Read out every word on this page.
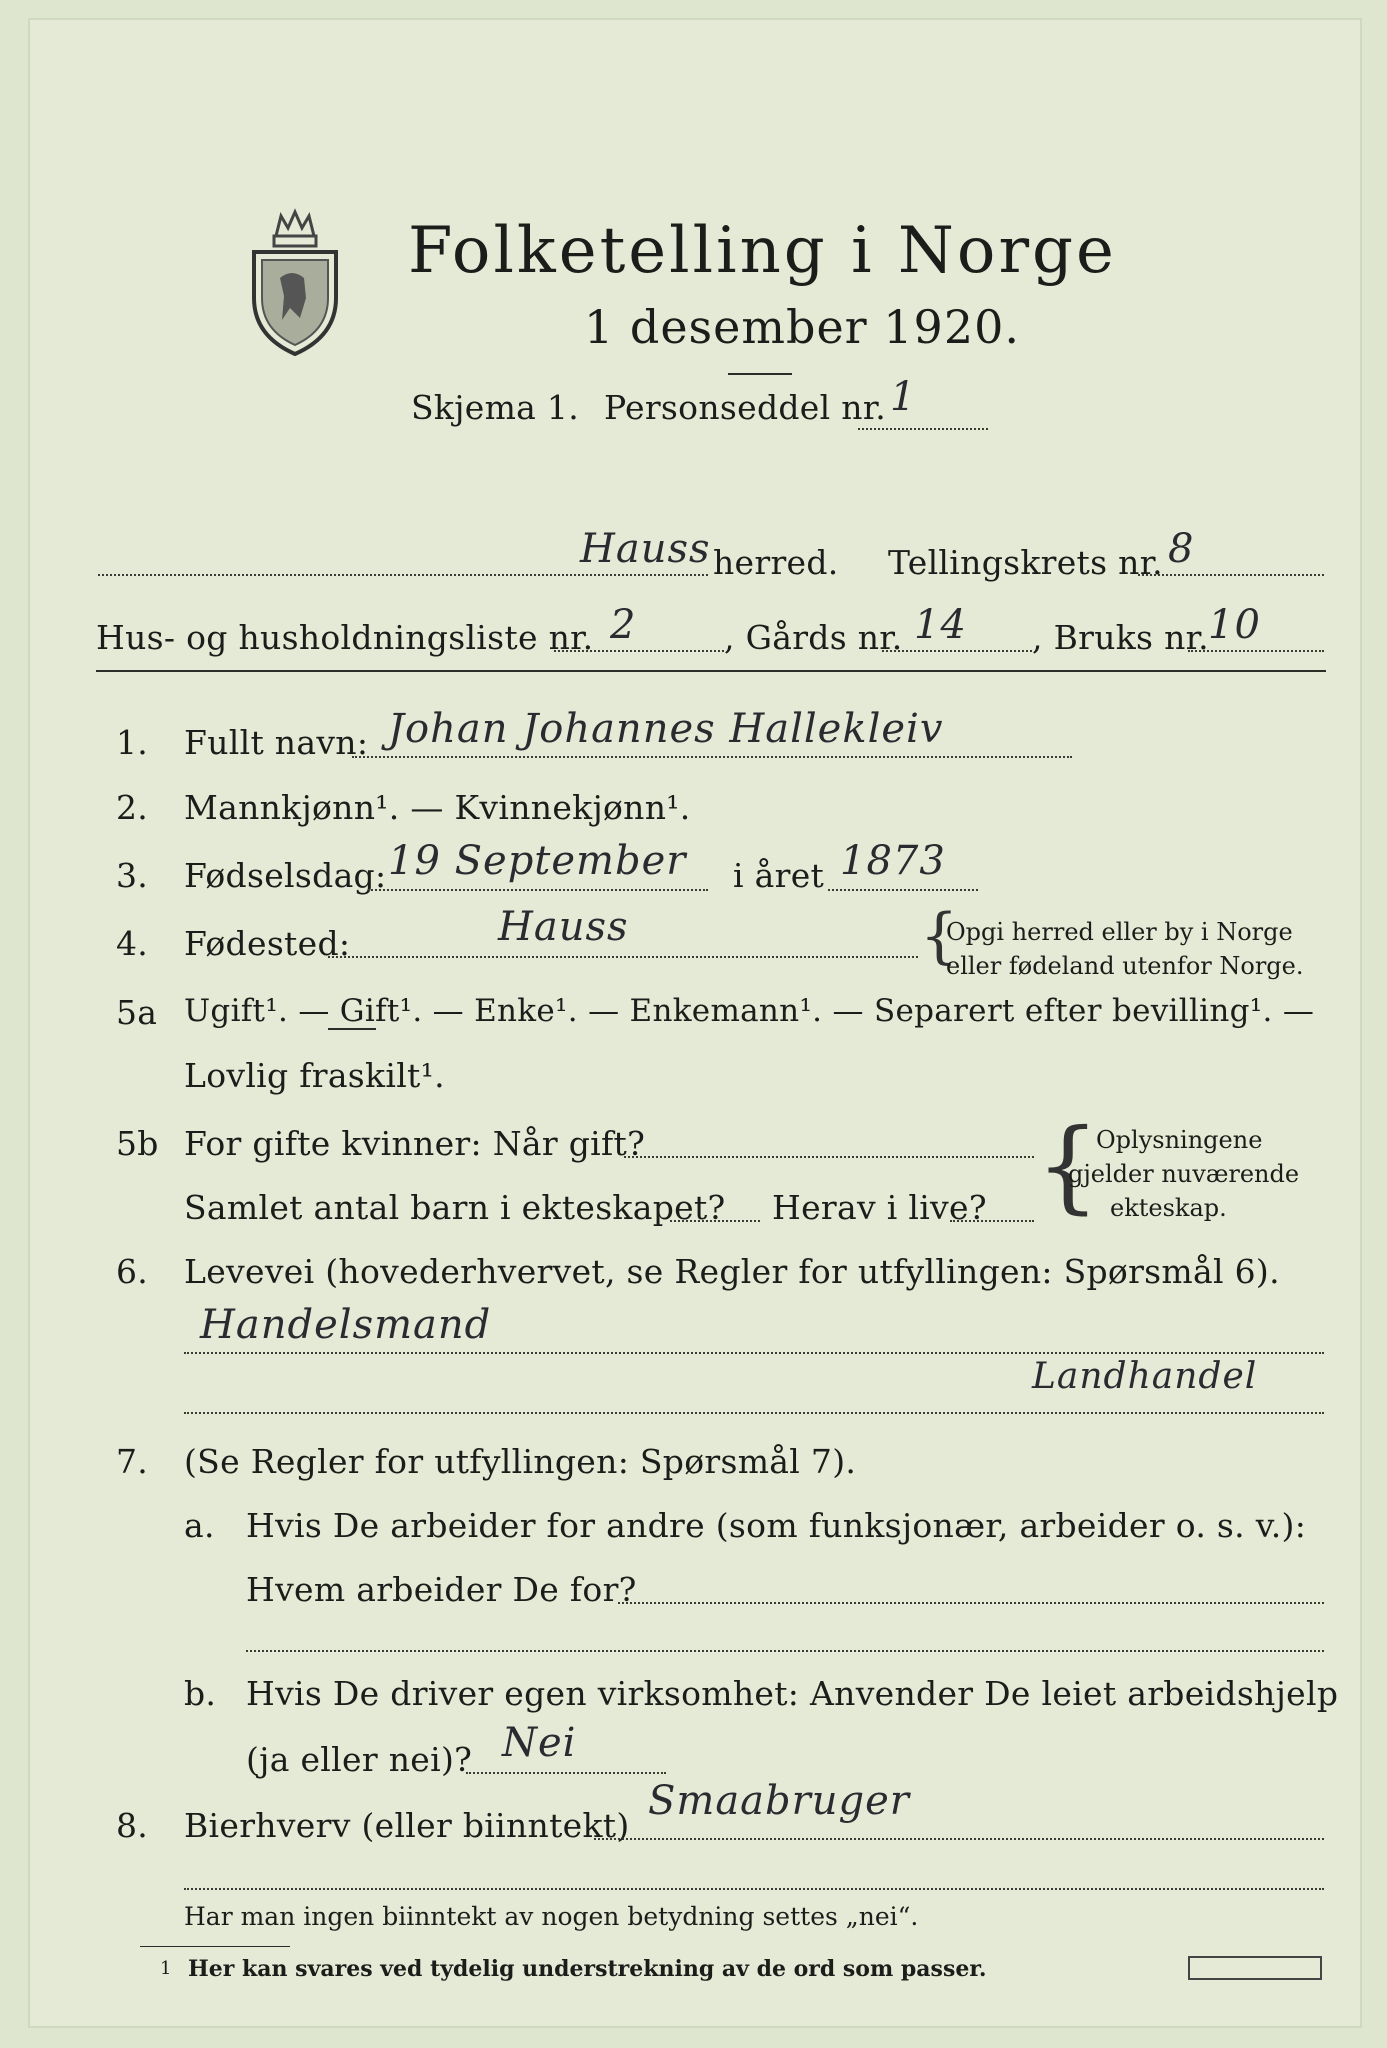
Folketelling i Norge
1 desember 1920.
Skjema 1. Personseddel nr. 1
Hauss herred. Tellingskrets nr. 8
Hus- og husholdningsliste nr. 2	, Gårds nr. 14 , Bruks nr. 10
1. Fullt navn: Johan Johannes Hallekleiv
2. Mannkjønn¹. — Kvinnekjønn¹.
3. Fødselsdag: 19 September i året 1873
4. Fødested:	Hauss	{
Opgi herred eller by i Norge
eller fødeland utenfor Norge.
5a Ugift¹. — Gift¹. — Enke¹. — Enkemann¹. — Separert efter bevilling¹. —
Lovlig fraskilt¹.
5b For gifte kvinner: Når gift?
Samlet antal barn i ekteskapet? Herav i live? {
Oplysningene
gjelder nuværende
ekteskap.
6. Levevei (hovederhvervet, se Regler for utfyllingen: Spørsmål 6).
Handelsmand
Landhandel
7. (Se Regler for utfyllingen: Spørsmål 7).
a. Hvis De arbeider for andre (som funksjonær, arbeider o. s. v.):
Hvem arbeider De for?
b. Hvis De driver egen virksomhet: Anvender De leiet arbeidshjelp
(ja eller nei)? Nei
8. Bierhverv (eller biinntekt)
Smaabruger
Har man ingen biinntekt av nogen betydning settes „nei“.
1 Her kan svares ved tydelig understrekning av de ord som passer.
